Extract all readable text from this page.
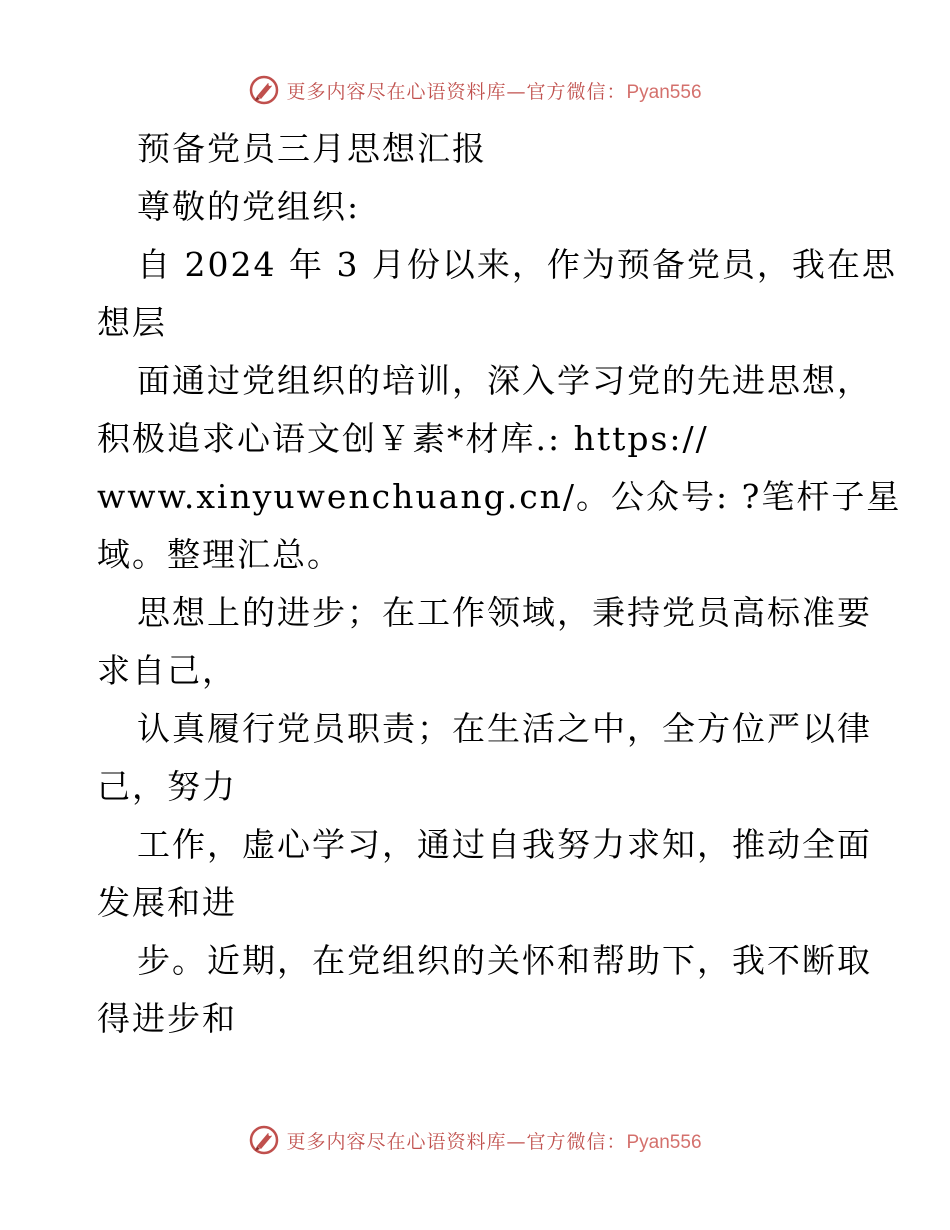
更多内容尽在心语资料库—官方微信：Pyan556
预备党员三月思想汇报
尊敬的党组织:
自 2024 年 3 月份以来，作为预备党员，我在思
想层
面通过党组织的培训，深入学习党的先进思想，
积极追求心语文创￥素*材库.: https://
www.xinyuwenchuang.cn/。公众号: ?笔杆子星
域。整理汇总。
思想上的进步；在工作领域，秉持党员高标准要
求自己，
认真履行党员职责；在生活之中，全方位严以律
己，努力
工作，虚心学习，通过自我努力求知，推动全面
发展和进
步。近期，在党组织的关怀和帮助下，我不断取
得进步和
更多内容尽在心语资料库—官方微信：Pyan556
